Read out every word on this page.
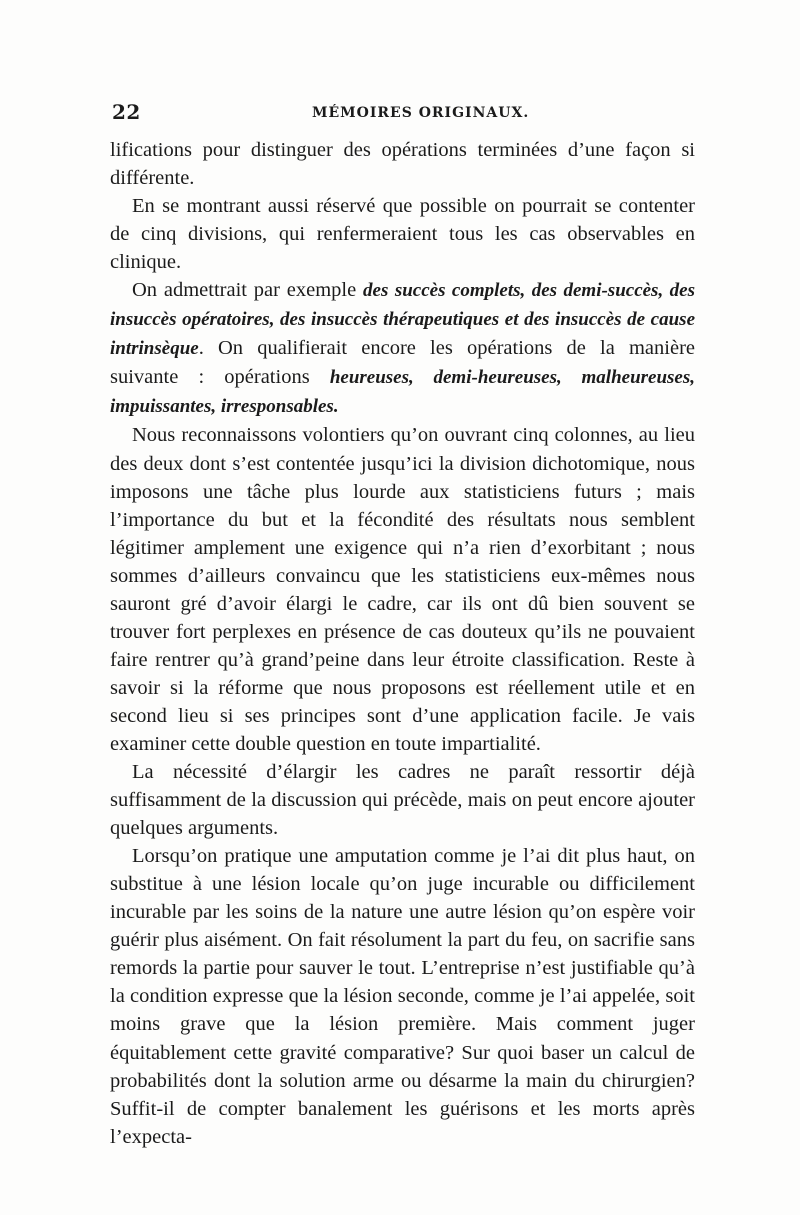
22	MÉMOIRES ORIGINAUX.

lifications pour distinguer des opérations terminées d’une façon si différente.

En se montrant aussi réservé que possible on pourrait se contenter de cinq divisions, qui renfermeraient tous les cas observables en clinique.

On admettrait par exemple des succès complets, des demi-succès, des insuccès opératoires, des insuccès thérapeutiques et des insuccès de cause intrinsèque. On qualifierait encore les opérations de la manière suivante : opérations heureuses, demi-heureuses, malheureuses, impuissantes, irresponsables.

Nous reconnaissons volontiers qu’on ouvrant cinq colonnes, au lieu des deux dont s’est contentée jusqu’ici la division dichotomique, nous imposons une tâche plus lourde aux statisticiens futurs ; mais l’importance du but et la fécondité des résultats nous semblent légitimer amplement une exigence qui n’a rien d’exorbitant ; nous sommes d’ailleurs convaincu que les statisticiens eux-mêmes nous sauront gré d’avoir élargi le cadre, car ils ont dû bien souvent se trouver fort perplexes en présence de cas douteux qu’ils ne pouvaient faire rentrer qu’à grand’peine dans leur étroite classification. Reste à savoir si la réforme que nous proposons est réellement utile et en second lieu si ses principes sont d’une application facile. Je vais examiner cette double question en toute impartialité.

La nécessité d’élargir les cadres ne paraît ressortir déjà suffisamment de la discussion qui précède, mais on peut encore ajouter quelques arguments.

Lorsqu’on pratique une amputation comme je l’ai dit plus haut, on substitue à une lésion locale qu’on juge incurable ou difficilement incurable par les soins de la nature une autre lésion qu’on espère voir guérir plus aisément. On fait résolument la part du feu, on sacrifie sans remords la partie pour sauver le tout. L’entreprise n’est justifiable qu’à la condition expresse que la lésion seconde, comme je l’ai appelée, soit moins grave que la lésion première. Mais comment juger équitablement cette gravité comparative? Sur quoi baser un calcul de probabilités dont la solution arme ou désarme la main du chirurgien? Suffit-il de compter banalement les guérisons et les morts après l’expecta-
